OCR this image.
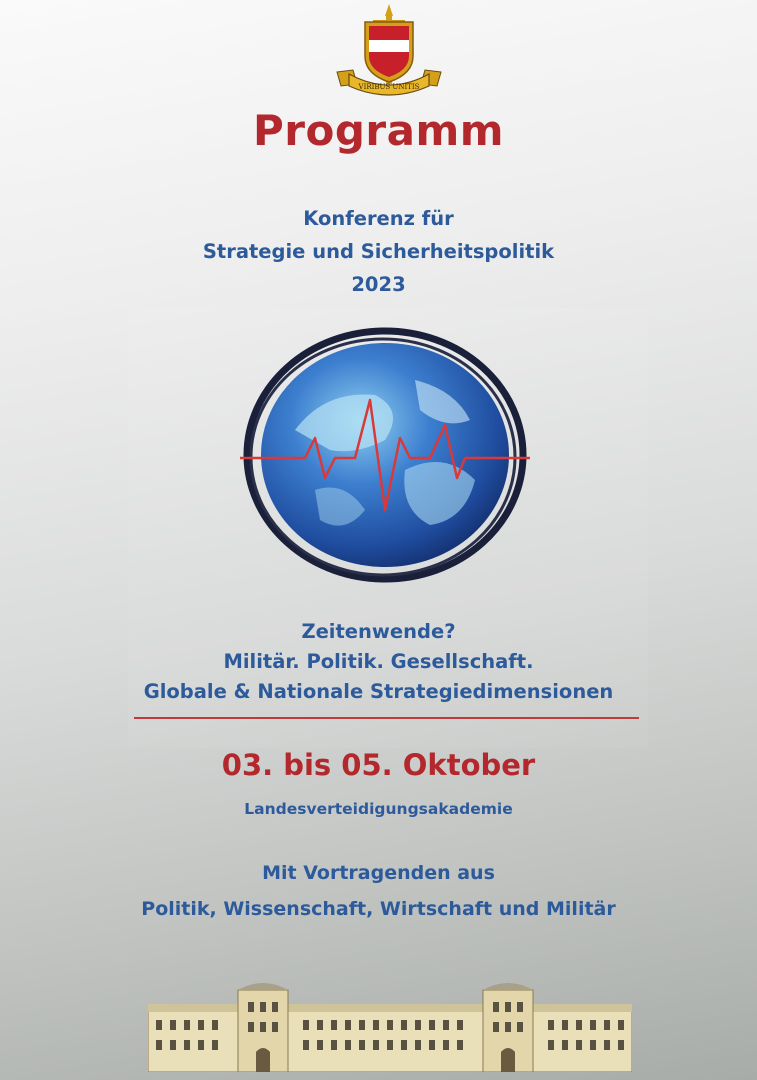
VIRIBUS UNITIS
Programm
Konferenz für
Strategie und Sicherheitspolitik
2023
Zeitenwende?
Militär. Politik. Gesellschaft.
Globale & Nationale Strategiedimensionen
03. bis 05. Oktober
Landesverteidigungsakademie
Mit Vortragenden aus
Politik, Wissenschaft, Wirtschaft und Militär
